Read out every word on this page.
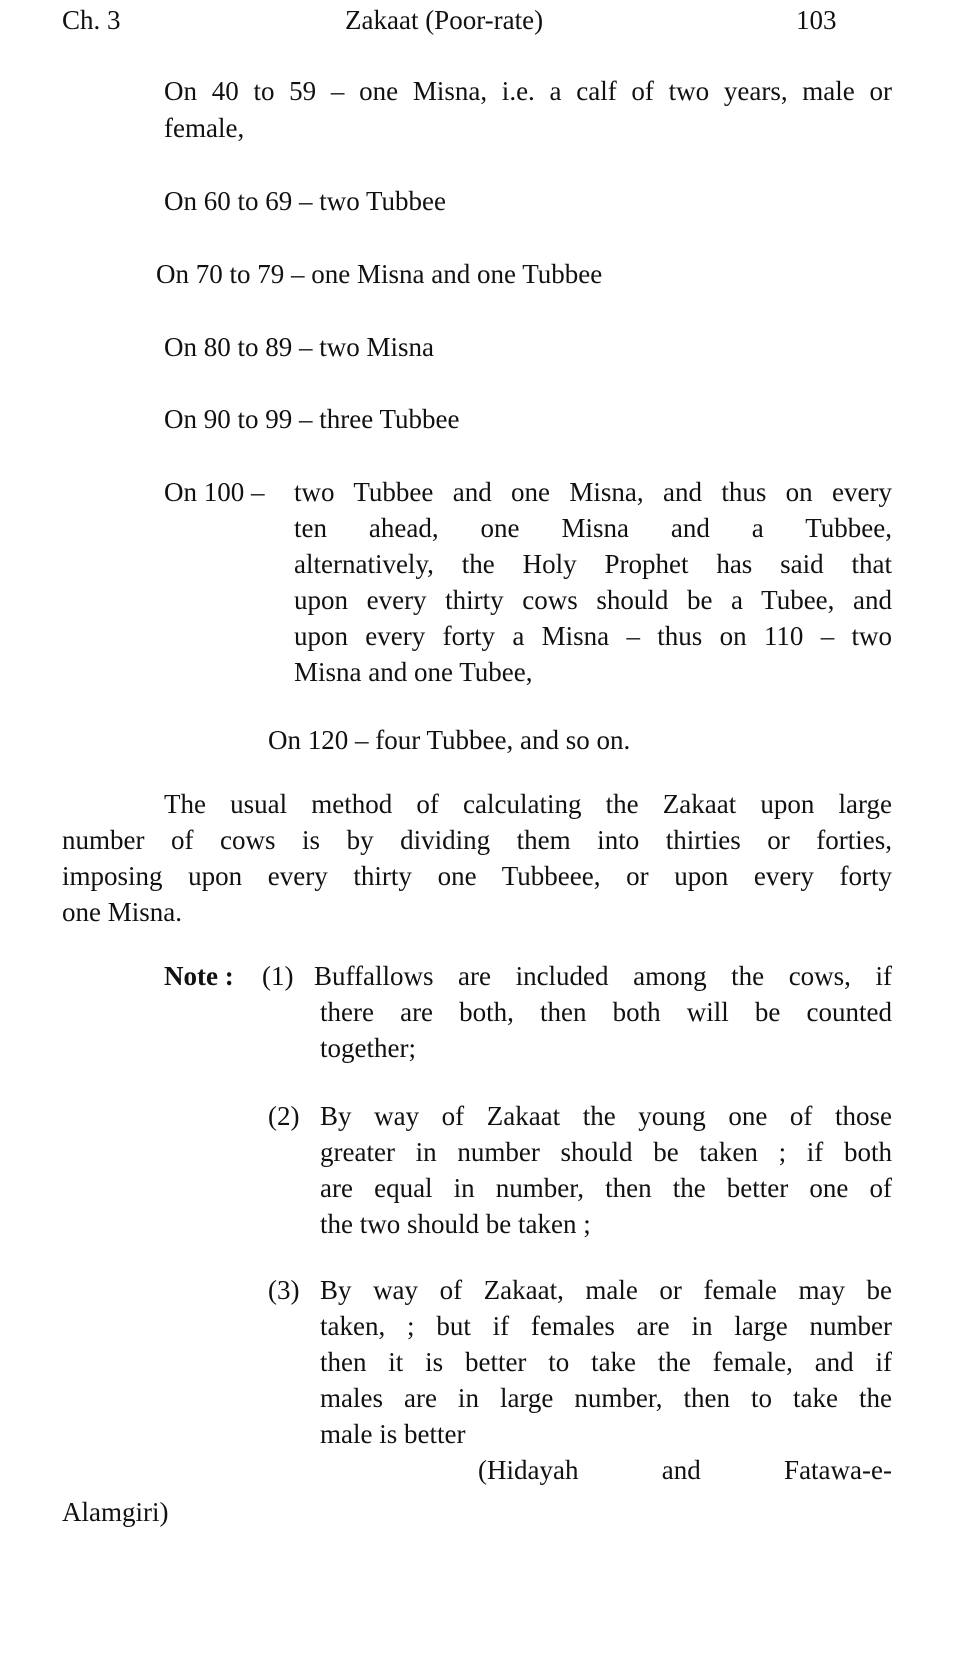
Ch. 3	Zakaat (Poor-rate)	103
On 40 to 59 – one Misna, i.e. a calf of two years, male or
female,
On 60 to 69 – two Tubbee
On 70 to 79 – one Misna and one Tubbee
On 80 to 89 – two Misna
On 90 to 99 – three Tubbee
On 100 – two Tubbee and one Misna, and thus on every
ten ahead, one Misna and a Tubbee,
alternatively, the Holy Prophet has said that
upon every thirty cows should be a Tubee, and
upon every forty a Misna – thus on 110 – two
Misna and one Tubee,
On 120 – four Tubbee, and so on.
The usual method of calculating the Zakaat upon large
number of cows is by dividing them into thirties or forties,
imposing upon every thirty one Tubbeee, or upon every forty
one Misna.
Note : (1) Buffallows are included among the cows, if
there are both, then both will be counted
together;
(2) By way of Zakaat the young one of those
greater in number should be taken ; if both
are equal in number, then the better one of
the two should be taken ;
(3) By way of Zakaat, male or female may be
taken, ; but if females are in large number
then it is better to take the female, and if
males are in large number, then to take the
male is better
(Hidayah and Fatawa-e-
Alamgiri)
